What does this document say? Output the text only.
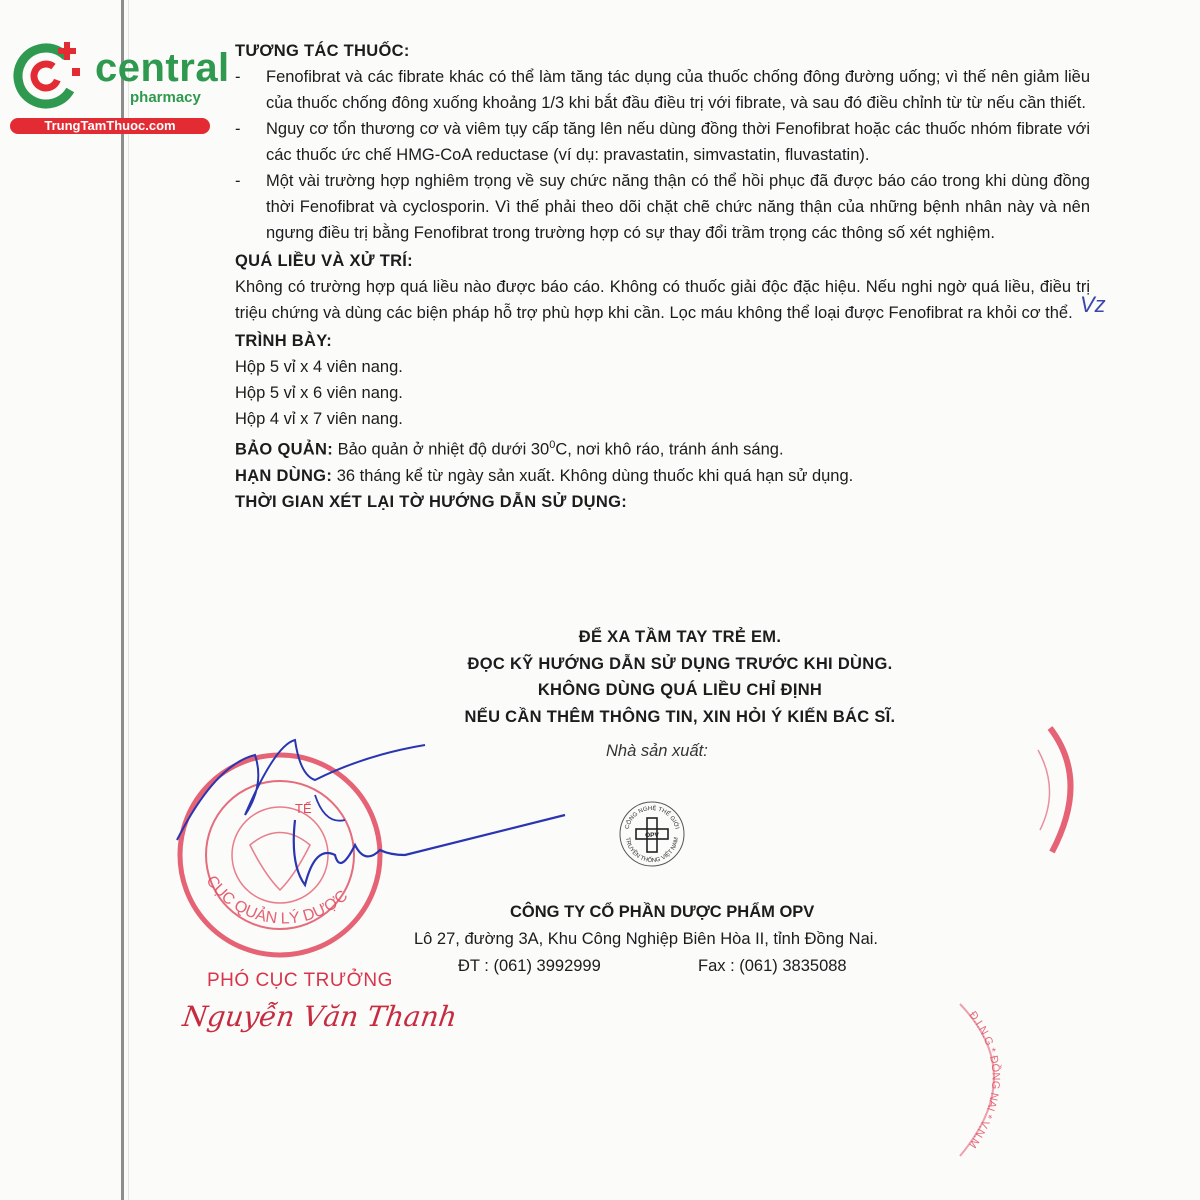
central
pharmacy
TrungTamThuoc.com
TƯƠNG TÁC THUỐC:
- Fenofibrat và các fibrate khác có thể làm tăng tác dụng của thuốc chống đông đường uống; vì thế nên giảm liều của thuốc chống đông xuống khoảng 1/3 khi bắt đầu điều trị với fibrate, và sau đó điều chỉnh từ từ nếu cần thiết.
- Nguy cơ tổn thương cơ và viêm tụy cấp tăng lên nếu dùng đồng thời Fenofibrat hoặc các thuốc nhóm fibrate với các thuốc ức chế HMG-CoA reductase (ví dụ: pravastatin, simvastatin, fluvastatin).
- Một vài trường hợp nghiêm trọng về suy chức năng thận có thể hồi phục đã được báo cáo trong khi dùng đồng thời Fenofibrat và cyclosporin. Vì thế phải theo dõi chặt chẽ chức năng thận của những bệnh nhân này và nên ngưng điều trị bằng Fenofibrat trong trường hợp có sự thay đổi trầm trọng các thông số xét nghiệm.
QUÁ LIỀU VÀ XỬ TRÍ:
Không có trường hợp quá liều nào được báo cáo. Không có thuốc giải độc đặc hiệu. Nếu nghi ngờ quá liều, điều trị triệu chứng và dùng các biện pháp hỗ trợ phù hợp khi cần. Lọc máu không thể loại được Fenofibrat ra khỏi cơ thể.
TRÌNH BÀY:
Hộp 5 vỉ x 4 viên nang.
Hộp 5 vỉ x 6 viên nang.
Hộp 4 vỉ x 7 viên nang.
BẢO QUẢN: Bảo quản ở nhiệt độ dưới $30^0C$, nơi khô ráo, tránh ánh sáng.
HẠN DÙNG: 36 tháng kể từ ngày sản xuất. Không dùng thuốc khi quá hạn sử dụng.
THỜI GIAN XÉT LẠI TỜ HƯỚNG DẪN SỬ DỤNG:
Vz
ĐỂ XA TẦM TAY TRẺ EM.
ĐỌC KỸ HƯỚNG DẪN SỬ DỤNG TRƯỚC KHI DÙNG.
KHÔNG DÙNG QUÁ LIỀU CHỈ ĐỊNH
NẾU CẦN THÊM THÔNG TIN, XIN HỎI Ý KIẾN BÁC SĨ.
Nhà sản xuất:
CÔNG NGHỆ THẾ GIỚI
TRUYỀN THỐNG VIỆT NAM
OPV
CÔNG TY CỔ PHẦN DƯỢC PHẨM OPV
Lô 27, đường 3A, Khu Công Nghiệp Biên Hòa II, tỉnh Đồng Nai.
ĐT : (061) 3992999	Fax : (061) 3835088
CỤC QUẢN LÝ DƯỢC
TẾ
PHÓ CỤC TRƯỞNG
Nguyễn Văn Thanh	Đ.I.N.G * ĐỒNG NAI * V.N.M
